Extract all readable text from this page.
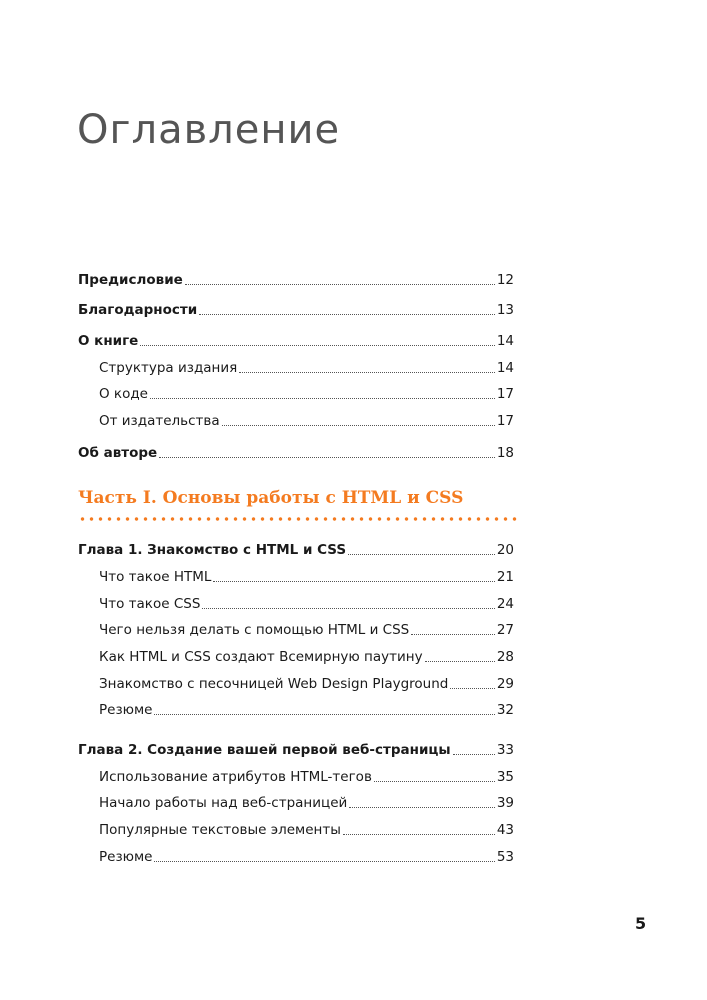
Оглавление
Предисловие	12
Благодарности	13
О книге	14
Структура издания	14
О коде	17
От издательства	17
Об авторе	18
Часть I. Основы работы с HTML и CSS
Глава 1. Знакомство с HTML и CSS	20
Что такое HTML	21
Что такое CSS	24
Чего нельзя делать с помощью HTML и CSS	27
Как HTML и CSS создают Всемирную паутину	28
Знакомство с песочницей Web Design Playground	29
Резюме	32
Глава 2. Создание вашей первой веб-страницы	33
Использование атрибутов HTML-тегов	35
Начало работы над веб-страницей	39
Популярные текстовые элементы	43
Резюме	53
5
